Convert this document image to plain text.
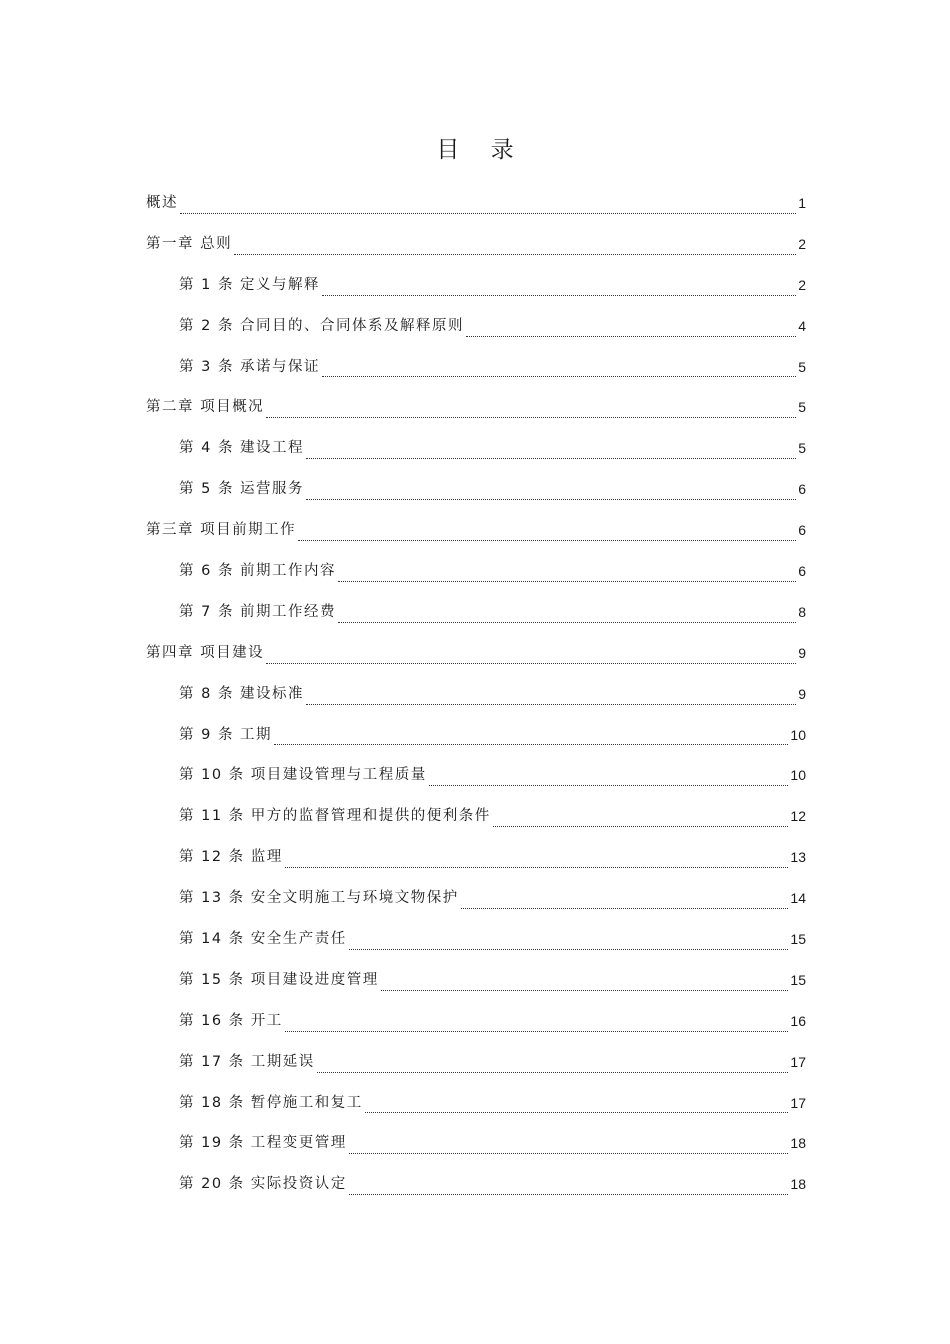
目 录
概述	1
第一章 总则	2
第 1 条 定义与解释	2
第 2 条 合同目的、合同体系及解释原则	4
第 3 条 承诺与保证	5
第二章 项目概况	5
第 4 条 建设工程	5
第 5 条 运营服务	6
第三章 项目前期工作	6
第 6 条 前期工作内容	6
第 7 条 前期工作经费	8
第四章 项目建设	9
第 8 条 建设标准	9
第 9 条 工期	10
第 10 条 项目建设管理与工程质量	10
第 11 条 甲方的监督管理和提供的便利条件	12
第 12 条 监理	13
第 13 条 安全文明施工与环境文物保护	14
第 14 条 安全生产责任	15
第 15 条 项目建设进度管理	15
第 16 条 开工	16
第 17 条 工期延误	17
第 18 条 暂停施工和复工	17
第 19 条 工程变更管理	18
第 20 条 实际投资认定	18
